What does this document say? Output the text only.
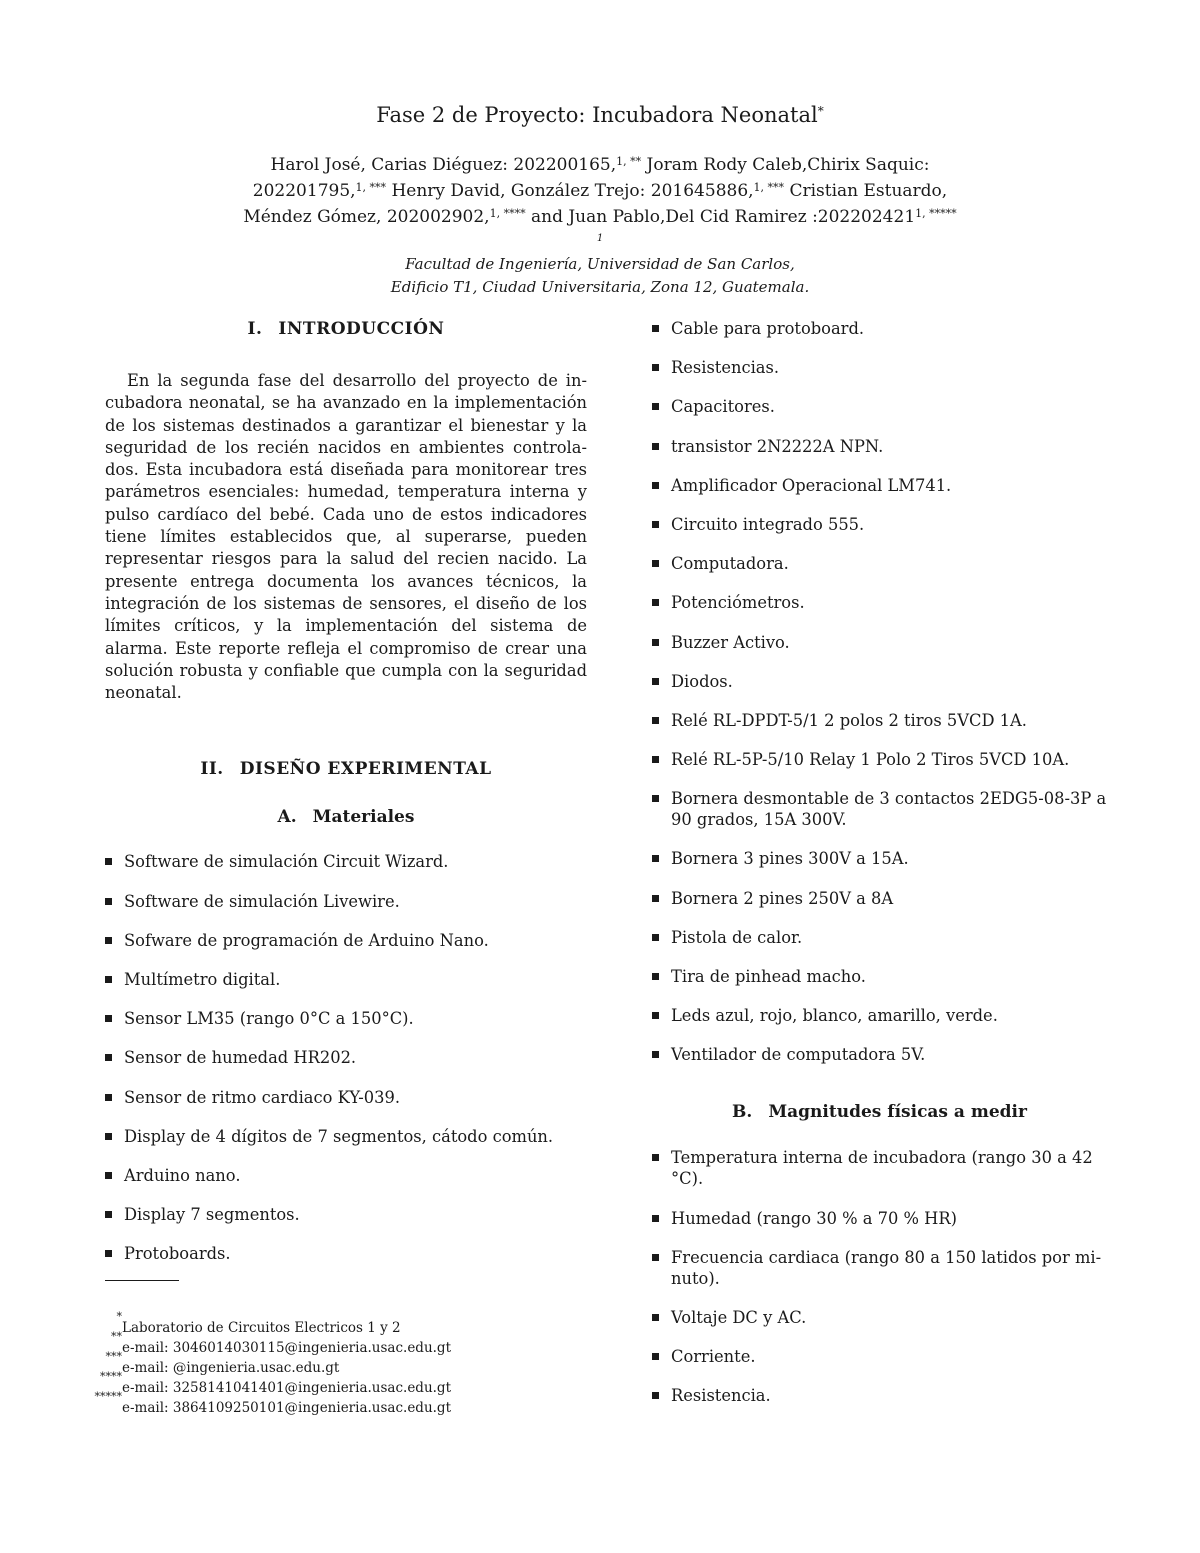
Fase 2 de Proyecto: Incubadora Neonatal*
Harol José, Carias Diéguez: 202200165,$^{1, **}$ Joram Rody Caleb,Chirix Saquic:
202201795,$^{1, ***}$ Henry David, González Trejo: 201645886,$^{1, ***}$ Cristian Estuardo,
Méndez Gómez, 202002902,$^{1, ****}$ and Juan Pablo,Del Cid Ramirez $:202202421^{1, *****}$
$^1$
Facultad de Ingeniería, Universidad de San Carlos,
Edificio T1, Ciudad Universitaria, Zona 12, Guatemala.
I. INTRODUCCIÓN

En la segunda fase del desarrollo del proyecto de incubadora neonatal, se ha avanzado en la implementación de los sistemas destinados a garantizar el bienestar y la seguridad de los recién nacidos en ambientes controlados. Esta incubadora está diseñada para monitorear tres parámetros esenciales: humedad, temperatura interna y pulso cardíaco del bebé. Cada uno de estos indicadores tiene límites establecidos que, al superarse, pueden representar riesgos para la salud del recien nacido. La presente entrega documenta los avances técnicos, la integración de los sistemas de sensores, el diseño de los límites críticos, y la implementación del sistema de alarma. Este reporte refleja el compromiso de crear una solución robusta y confiable que cumpla con la seguridad neonatal.

II. DISEÑO EXPERIMENTAL
A. Materiales
Software de simulación Circuit Wizard.
Software de simulación Livewire.
Sofware de programación de Arduino Nano.
Multímetro digital.
Sensor LM35 (rango 0°C a 150°C).
Sensor de humedad HR202.
Sensor de ritmo cardiaco KY-039.
Display de 4 dígitos de 7 segmentos, cátodo común.
Arduino nano.
Display 7 segmentos.
Protoboards.
Cable para protoboard.
Resistencias.
Capacitores.
transistor 2N2222A NPN.
Amplificador Operacional LM741.
Circuito integrado 555.
Computadora.
Potenciómetros.
Buzzer Activo.
Diodos.
Relé RL-DPDT-5/1 2 polos 2 tiros 5VCD 1A.
Relé RL-5P-5/10 Relay 1 Polo 2 Tiros 5VCD 10A.
Bornera desmontable de 3 contactos 2EDG5-08-3P a 90 grados, 15A 300V.
Bornera 3 pines 300V a 15A.
Bornera 2 pines 250V a 8A
Pistola de calor.
Tira de pinhead macho.
Leds azul, rojo, blanco, amarillo, verde.
Ventilador de computadora 5V.
B. Magnitudes físicas a medir
Temperatura interna de incubadora (rango 30 a 42 °C).
Humedad (rango 30 % a 70 % HR)
Frecuencia cardiaca (rango 80 a 150 latidos por minuto).
Voltaje DC y AC.
Corriente.
Resistencia.
*
Laboratorio de Circuitos Electricos 1 y 2
**
e-mail: 3046014030115@ingenieria.usac.edu.gt
***
e-mail: @ingenieria.usac.edu.gt
****
e-mail: 3258141041401@ingenieria.usac.edu.gt
*****
e-mail: 3864109250101@ingenieria.usac.edu.gt
